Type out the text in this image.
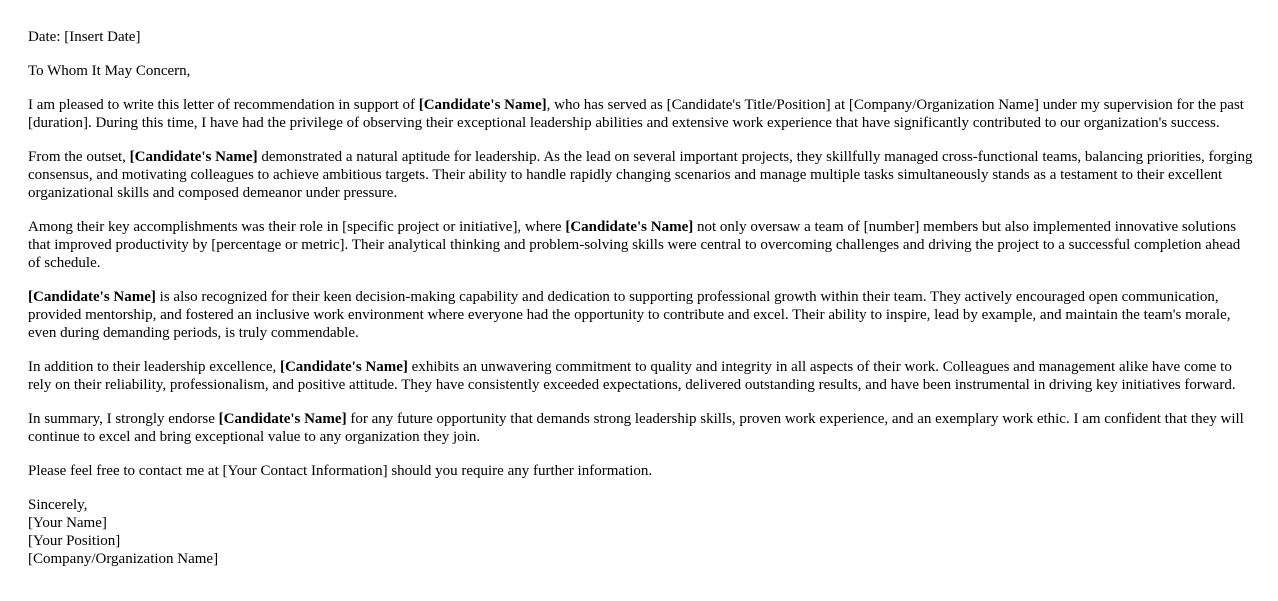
Date: [Insert Date]

To Whom It May Concern,

I am pleased to write this letter of recommendation in support of [Candidate's Name], who has served as [Candidate's Title/Position] at [Company/Organization Name] under my supervision for the past [duration]. During this time, I have had the privilege of observing their exceptional leadership abilities and extensive work experience that have significantly contributed to our organization's success.

From the outset, [Candidate's Name] demonstrated a natural aptitude for leadership. As the lead on several important projects, they skillfully managed cross-functional teams, balancing priorities, forging consensus, and motivating colleagues to achieve ambitious targets. Their ability to handle rapidly changing scenarios and manage multiple tasks simultaneously stands as a testament to their excellent organizational skills and composed demeanor under pressure.

Among their key accomplishments was their role in [specific project or initiative], where [Candidate's Name] not only oversaw a team of [number] members but also implemented innovative solutions that improved productivity by [percentage or metric]. Their analytical thinking and problem-solving skills were central to overcoming challenges and driving the project to a successful completion ahead of schedule.

[Candidate's Name] is also recognized for their keen decision-making capability and dedication to supporting professional growth within their team. They actively encouraged open communication, provided mentorship, and fostered an inclusive work environment where everyone had the opportunity to contribute and excel. Their ability to inspire, lead by example, and maintain the team's morale, even during demanding periods, is truly commendable.

In addition to their leadership excellence, [Candidate's Name] exhibits an unwavering commitment to quality and integrity in all aspects of their work. Colleagues and management alike have come to rely on their reliability, professionalism, and positive attitude. They have consistently exceeded expectations, delivered outstanding results, and have been instrumental in driving key initiatives forward.

In summary, I strongly endorse [Candidate's Name] for any future opportunity that demands strong leadership skills, proven work experience, and an exemplary work ethic. I am confident that they will continue to excel and bring exceptional value to any organization they join.

Please feel free to contact me at [Your Contact Information] should you require any further information.

Sincerely,

[Your Name]

[Your Position]

[Company/Organization Name]
